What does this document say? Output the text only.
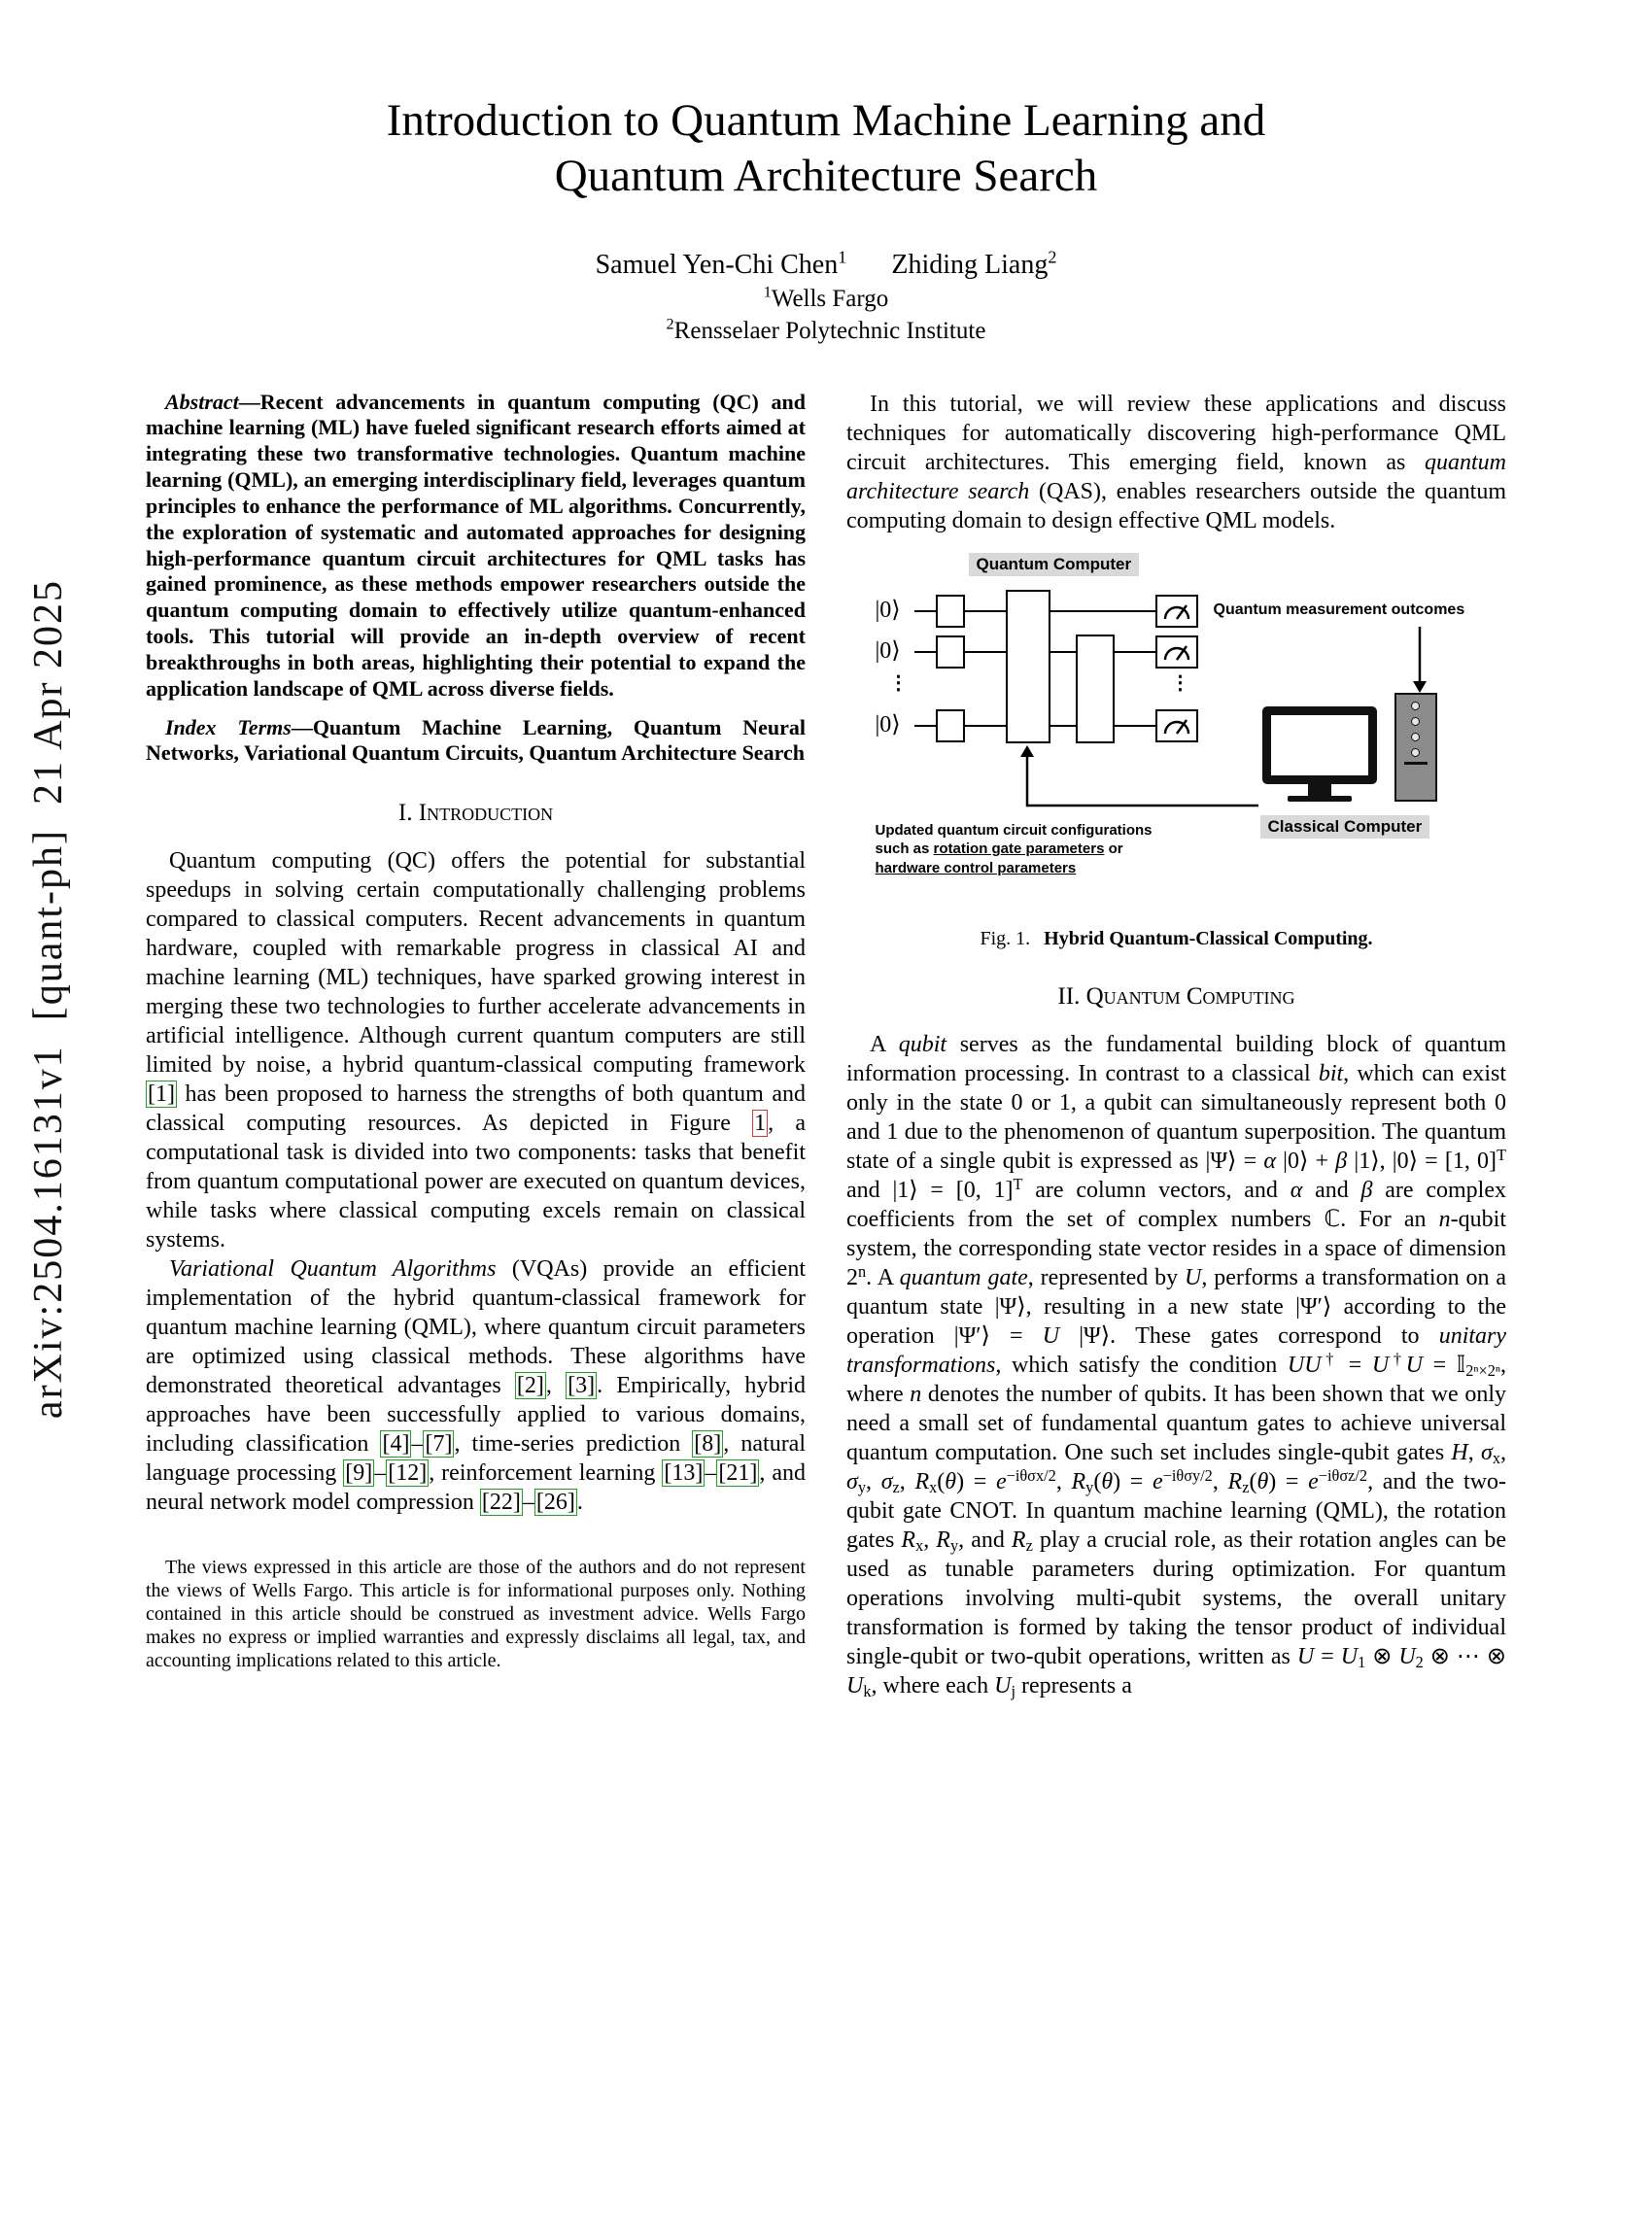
arXiv:2504.16131v1  [quant-ph]  21 Apr 2025
Introduction to Quantum Machine Learning and Quantum Architecture Search
Samuel Yen-Chi Chen$^1$ Zhiding Liang$^2$
$^1$Wells Fargo
$^2$Rensselaer Polytechnic Institute

Abstract—Recent advancements in quantum computing (QC) and machine learning (ML) have fueled significant research efforts aimed at integrating these two transformative technologies. Quantum machine learning (QML), an emerging interdisciplinary field, leverages quantum principles to enhance the performance of ML algorithms. Concurrently, the exploration of systematic and automated approaches for designing high-performance quantum circuit architectures for QML tasks has gained prominence, as these methods empower researchers outside the quantum computing domain to effectively utilize quantum-enhanced tools. This tutorial will provide an in-depth overview of recent breakthroughs in both areas, highlighting their potential to expand the application landscape of QML across diverse fields.

Index Terms—Quantum Machine Learning, Quantum Neural Networks, Variational Quantum Circuits, Quantum Architecture Search

I. Introduction

Quantum computing (QC) offers the potential for substantial speedups in solving certain computationally challenging problems compared to classical computers. Recent advancements in quantum hardware, coupled with remarkable progress in classical AI and machine learning (ML) techniques, have sparked growing interest in merging these two technologies to further accelerate advancements in artificial intelligence. Although current quantum computers are still limited by noise, a hybrid quantum-classical computing framework [1] has been proposed to harness the strengths of both quantum and classical computing resources. As depicted in Figure 1, a computational task is divided into two components: tasks that benefit from quantum computational power are executed on quantum devices, while tasks where classical computing excels remain on classical systems.

Variational Quantum Algorithms (VQAs) provide an efficient implementation of the hybrid quantum-classical framework for quantum machine learning (QML), where quantum circuit parameters are optimized using classical methods. These algorithms have demonstrated theoretical advantages [2], [3]. Empirically, hybrid approaches have been successfully applied to various domains, including classification [4]–[7], time-series prediction [8], natural language processing [9]–[12], reinforcement learning [13]–[21], and neural network model compression [22]–[26].

The views expressed in this article are those of the authors and do not represent the views of Wells Fargo. This article is for informational purposes only. Nothing contained in this article should be construed as investment advice. Wells Fargo makes no express or implied warranties and expressly disclaims all legal, tax, and accounting implications related to this article.

In this tutorial, we will review these applications and discuss techniques for automatically discovering high-performance QML circuit architectures. This emerging field, known as quantum architecture search (QAS), enables researchers outside the quantum computing domain to design effective QML models.

Quantum Computer
|0⟩
|0⟩
|0⟩
⋮	⋮
Quantum measurement outcomes
Classical Computer
Updated quantum circuit configurations such as rotation gate parameters or hardware control parameters
Fig. 1. Hybrid Quantum-Classical Computing.
II. Quantum Computing

A qubit serves as the fundamental building block of quantum information processing. In contrast to a classical bit, which can exist only in the state 0 or 1, a qubit can simultaneously represent both 0 and 1 due to the phenomenon of quantum superposition. The quantum state of a single qubit is expressed as |Ψ⟩ = α |0⟩ + β |1⟩, |0⟩ = [1, 0]$^T$ and |1⟩ = [0, 1]$^T$ are column vectors, and α and β are complex coefficients from the set of complex numbers ℂ. For an n-qubit system, the corresponding state vector resides in a space of dimension 2$^n$. A quantum gate, represented by U, performs a transformation on a quantum state |Ψ⟩, resulting in a new state |Ψ′⟩ according to the operation |Ψ′⟩ = U |Ψ⟩. These gates correspond to unitary transformations, which satisfy the condition UU† = U†U = 𝕀2ⁿ×2ⁿ, where n denotes the number of qubits. It has been shown that we only need a small set of fundamental quantum gates to achieve universal quantum computation. One such set includes single-qubit gates H, σx, σy, σz, $Rx(\theta) = e^{-i\theta\sigma x/2}$, $Ry(\theta) = e^{-i\theta\sigma y/2}$, $Rz(\theta) = e^{-i\theta\sigma z/2}$, and the two-qubit gate CNOT. In quantum machine learning (QML), the rotation gates Rx, Ry, and Rz play a crucial role, as their rotation angles can be used as tunable parameters during optimization. For quantum operations involving multi-qubit systems, the overall unitary transformation is formed by taking the tensor product of individual single-qubit or two-qubit operations, written as U = U1 ⊗ U2 ⊗ ⋯ ⊗ Uk, where each Uj represents a
